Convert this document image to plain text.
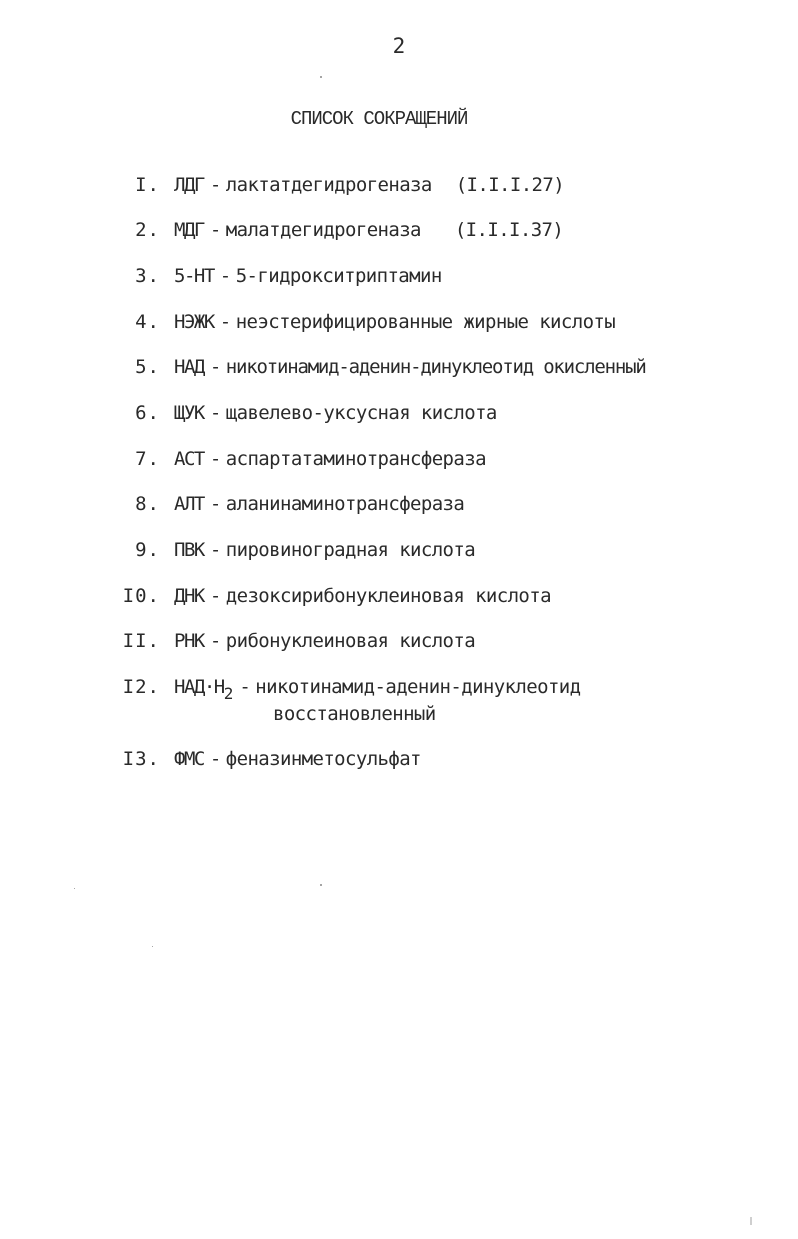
2
СПИСОК СОКРАЩЕНИЙ
I. ЛДГ - лактатдегидрогеназа (I.I.I.27)
2. МДГ - малатдегидрогеназа (I.I.I.37)
3. 5-НТ - 5-гидрокситриптамин
4. НЭЖК - неэстерифицированные жирные кислоты
5. НАД - никотинамид-аденин-динуклеотид окисленный
6. ЩУК - щавелево-уксусная кислота
7. АСТ - аспартатаминотрансфераза
8. АЛТ - аланинаминотрансфераза
9. ПВК - пировиноградная кислота
I0. ДНК - дезоксирибонуклеиновая кислота
II. РНК - рибонуклеиновая кислота
I2. $НАД\cdot Н_2$ - никотинамид-аденин-динуклеотид
восстановленный
I3. ФМС - феназинметосульфат
